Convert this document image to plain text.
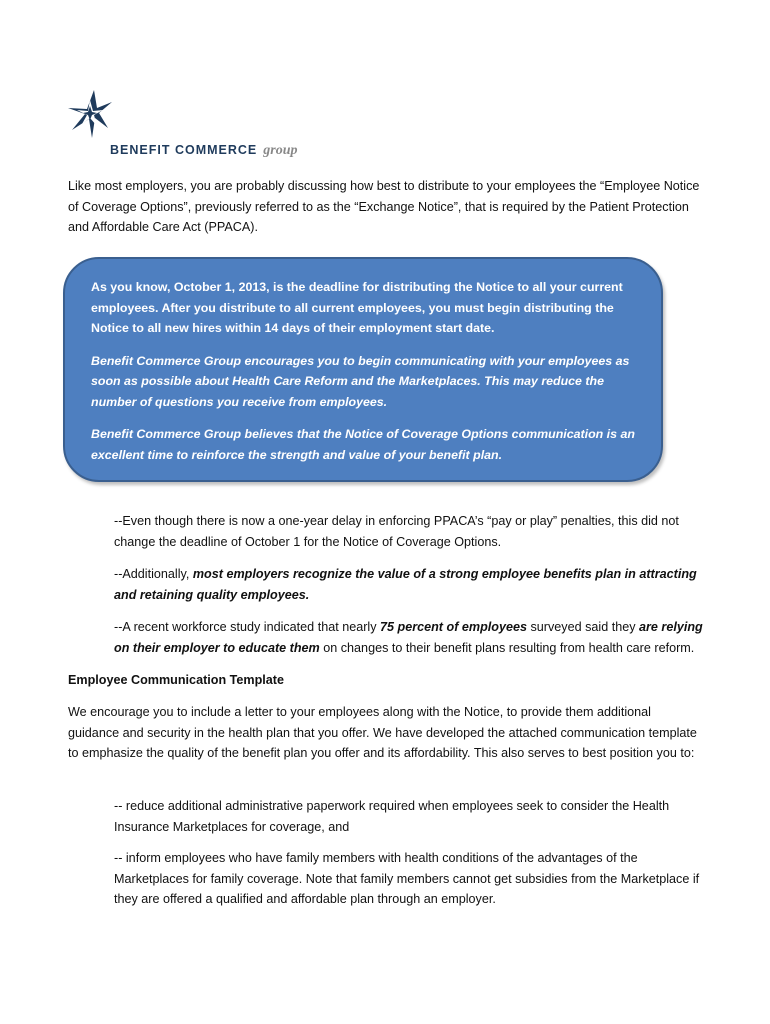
BENEFIT COMMERCE group
Like most employers, you are probably discussing how best to distribute to your employees the “Employee Notice of Coverage Options”, previously referred to as the “Exchange Notice”, that is required by the Patient Protection and Affordable Care Act (PPACA).

As you know, October 1, 2013, is the deadline for distributing the Notice to all your current employees. After you distribute to all current employees, you must begin distributing the Notice to all new hires within 14 days of their employment start date.

Benefit Commerce Group encourages you to begin communicating with your employees as soon as possible about Health Care Reform and the Marketplaces. This may reduce the number of questions you receive from employees.

Benefit Commerce Group believes that the Notice of Coverage Options communication is an excellent time to reinforce the strength and value of your benefit plan.

--Even though there is now a one-year delay in enforcing PPACA’s “pay or play” penalties, this did not change the deadline of October 1 for the Notice of Coverage Options.
--Additionally, most employers recognize the value of a strong employee benefits plan in attracting and retaining quality employees.
--A recent workforce study indicated that nearly 75 percent of employees surveyed said they are relying on their employer to educate them on changes to their benefit plans resulting from health care reform.
Employee Communication Template
We encourage you to include a letter to your employees along with the Notice, to provide them additional guidance and security in the health plan that you offer. We have developed the attached communication template to emphasize the quality of the benefit plan you offer and its affordability. This also serves to best position you to:
-- reduce additional administrative paperwork required when employees seek to consider the Health Insurance Marketplaces for coverage, and
-- inform employees who have family members with health conditions of the advantages of the Marketplaces for family coverage. Note that family members cannot get subsidies from the Marketplace if they are offered a qualified and affordable plan through an employer.
